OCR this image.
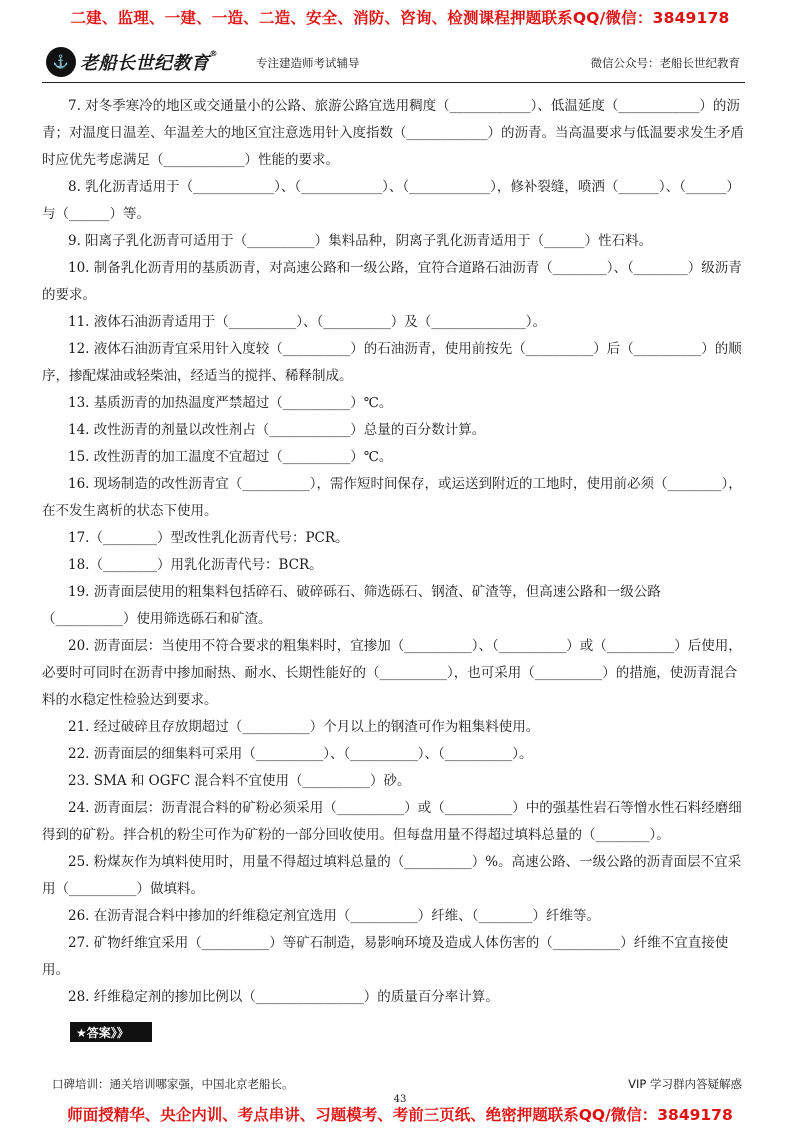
二建、监理、一建、一造、二造、安全、消防、咨询、检测课程押题联系QQ/微信：3849178
⚓ 老船长世纪教育®
专注建造师考试辅导	微信公众号：老船长世纪教育

7. 对冬季寒冷的地区或交通量小的公路、旅游公路宜选用稠度（____________）、低温延度（____________）的沥青；对温度日温差、年温差大的地区宜注意选用针入度指数（____________）的沥青。当高温要求与低温要求发生矛盾时应优先考虑满足（____________）性能的要求。

8. 乳化沥青适用于（____________）、（____________）、（____________），修补裂缝，喷洒（______）、（______）与（______）等。

9. 阳离子乳化沥青可适用于（__________）集料品种，阴离子乳化沥青适用于（______）性石料。

10. 制备乳化沥青用的基质沥青，对高速公路和一级公路，宜符合道路石油沥青（________）、（________）级沥青的要求。

11. 液体石油沥青适用于（__________）、（__________）及（______________）。

12. 液体石油沥青宜采用针入度较（__________）的石油沥青，使用前按先（__________）后（__________）的顺序，掺配煤油或轻柴油，经适当的搅拌、稀释制成。

13. 基质沥青的加热温度严禁超过（__________）℃。

14. 改性沥青的剂量以改性剂占（____________）总量的百分数计算。

15. 改性沥青的加工温度不宜超过（__________）℃。

16. 现场制造的改性沥青宜（__________），需作短时间保存，或运送到附近的工地时，使用前必须（________），在不发生离析的状态下使用。

17.（________）型改性乳化沥青代号：PCR。

18.（________）用乳化沥青代号：BCR。

19. 沥青面层使用的粗集料包括碎石、破碎砾石、筛选砾石、钢渣、矿渣等，但高速公路和一级公路（__________）使用筛选砾石和矿渣。

20. 沥青面层：当使用不符合要求的粗集料时，宜掺加（__________）、（__________）或（__________）后使用，必要时可同时在沥青中掺加耐热、耐水、长期性能好的（__________），也可采用（__________）的措施，使沥青混合料的水稳定性检验达到要求。

21. 经过破碎且存放期超过（__________）个月以上的钢渣可作为粗集料使用。

22. 沥青面层的细集料可采用（__________）、（__________）、（__________）。

23. SMA 和 OGFC 混合料不宜使用（__________）砂。

24. 沥青面层：沥青混合料的矿粉必须采用（__________）或（__________）中的强基性岩石等憎水性石料经磨细得到的矿粉。拌合机的粉尘可作为矿粉的一部分回收使用。但每盘用量不得超过填料总量的（________）。

25. 粉煤灰作为填料使用时，用量不得超过填料总量的（__________）%。高速公路、一级公路的沥青面层不宜采用（__________）做填料。

26. 在沥青混合料中掺加的纤维稳定剂宜选用（__________）纤维、（________）纤维等。

27. 矿物纤维宜采用（__________）等矿石制造，易影响环境及造成人体伤害的（__________）纤维不宜直接使用。

28. 纤维稳定剂的掺加比例以（________________）的质量百分率计算。

★答案》》
口碑培训：通关培训哪家强，中国北京老船长。	VIP 学习群内答疑解惑
43
师面授精华、央企内训、考点串讲、习题模考、考前三页纸、绝密押题联系QQ/微信：3849178
